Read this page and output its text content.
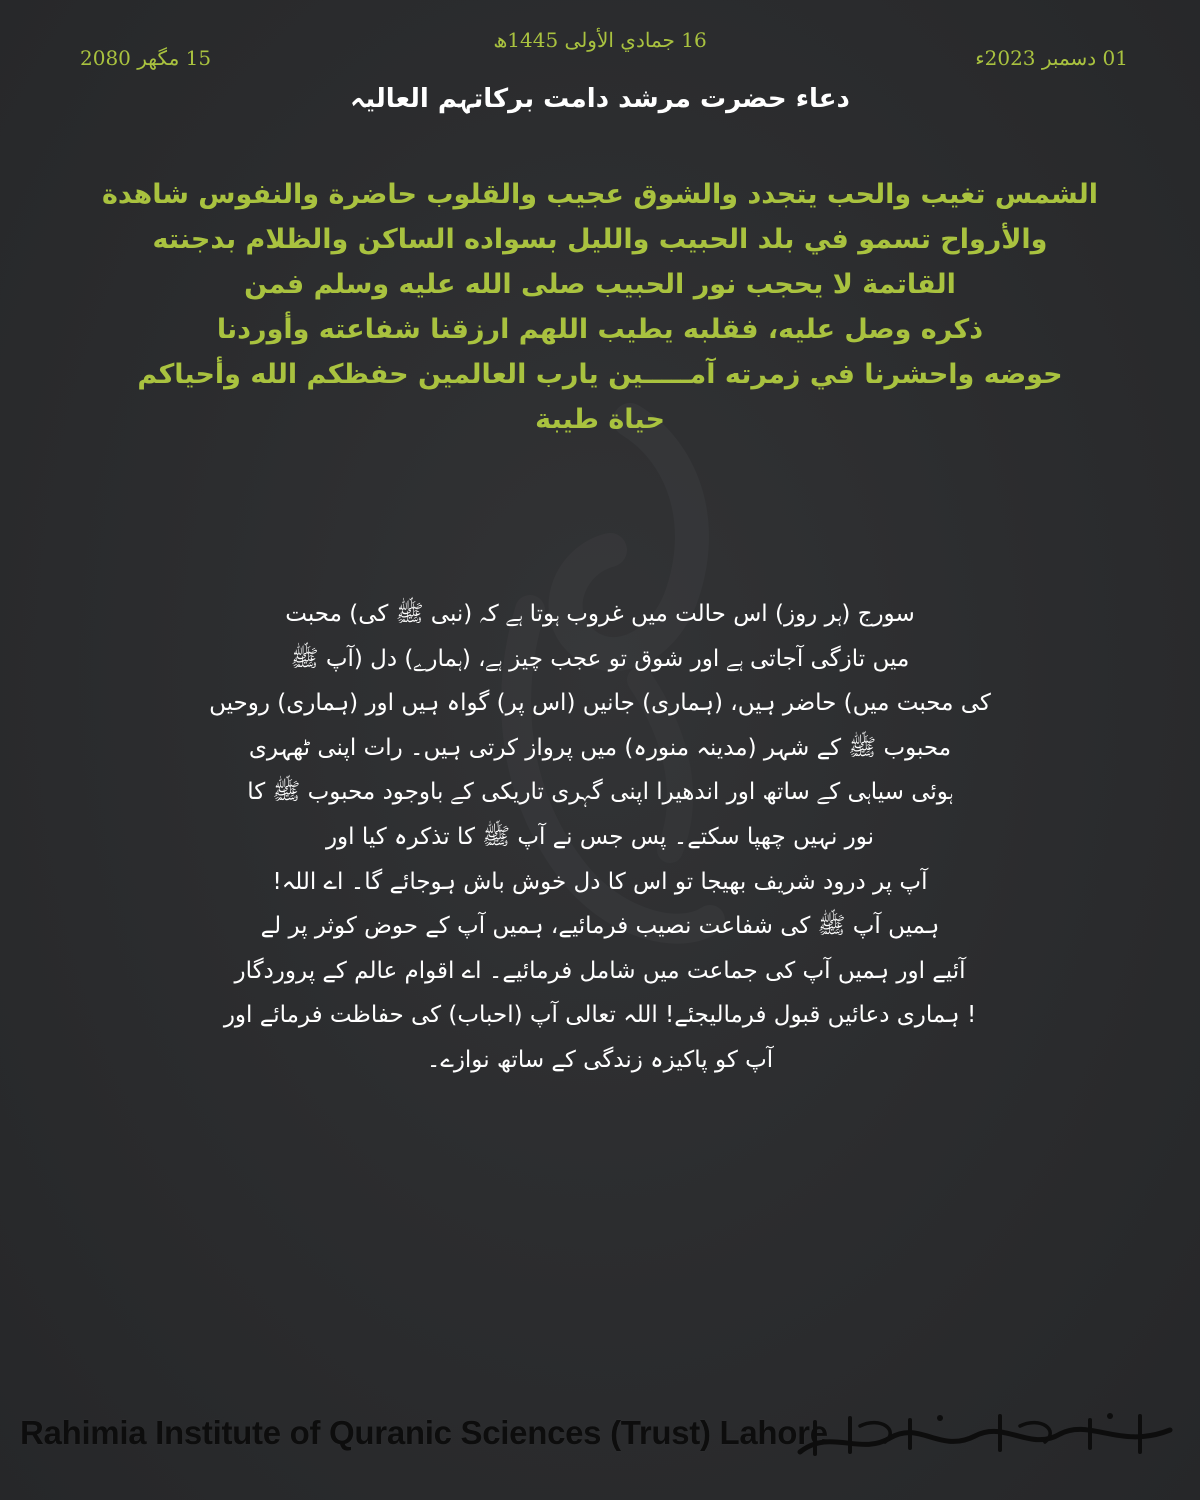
15 مگھر 2080
16 جمادي الأولى 1445ھ
01 دسمبر 2023ء
دعاء حضرت مرشد دامت برکاتہم العالیہ
الشمس تغيب والحب يتجدد والشوق عجيب والقلوب حاضرة والنفوس شاهدة
والأرواح تسمو في بلد الحبيب والليل بسواده الساكن والظلام بدجنته
القاتمة لا يحجب نور الحبيب صلى الله عليه وسلم فمن
ذكره وصل عليه، فقلبه يطيب اللهم ارزقنا شفاعته وأوردنا
حوضه واحشرنا في زمرته آمـــــين يارب العالمين حفظكم الله وأحياكم
حياة طيبة
سورج (ہر روز) اس حالت میں غروب ہوتا ہے کہ (نبی ﷺ کی) محبت
میں تازگی آجاتی ہے اور شوق تو عجب چیز ہے، (ہمارے) دل (آپ ﷺ
کی محبت میں) حاضر ہیں، (ہماری) جانیں (اس پر) گواہ ہیں اور (ہماری) روحیں
محبوب ﷺ کے شہر (مدینہ منورہ) میں پرواز کرتی ہیں۔ رات اپنی ٹھہری
ہوئی سیاہی کے ساتھ اور اندھیرا اپنی گہری تاریکی کے باوجود محبوب ﷺ کا
نور نہیں چھپا سکتے۔ پس جس نے آپ ﷺ کا تذکرہ کیا اور
آپ پر درود شریف بھیجا تو اس کا دل خوش باش ہوجائے گا۔ اے اللہ!
ہمیں آپ ﷺ کی شفاعت نصیب فرمائیے، ہمیں آپ کے حوض کوثر پر لے
آئیے اور ہمیں آپ کی جماعت میں شامل فرمائیے۔ اے اقوام عالم کے پروردگار
! ہماری دعائیں قبول فرمالیجئے! اللہ تعالی آپ (احباب) کی حفاظت فرمائے اور
آپ کو پاکیزہ زندگی کے ساتھ نوازے۔
Rahimia Institute of Quranic Sciences (Trust) Lahore
